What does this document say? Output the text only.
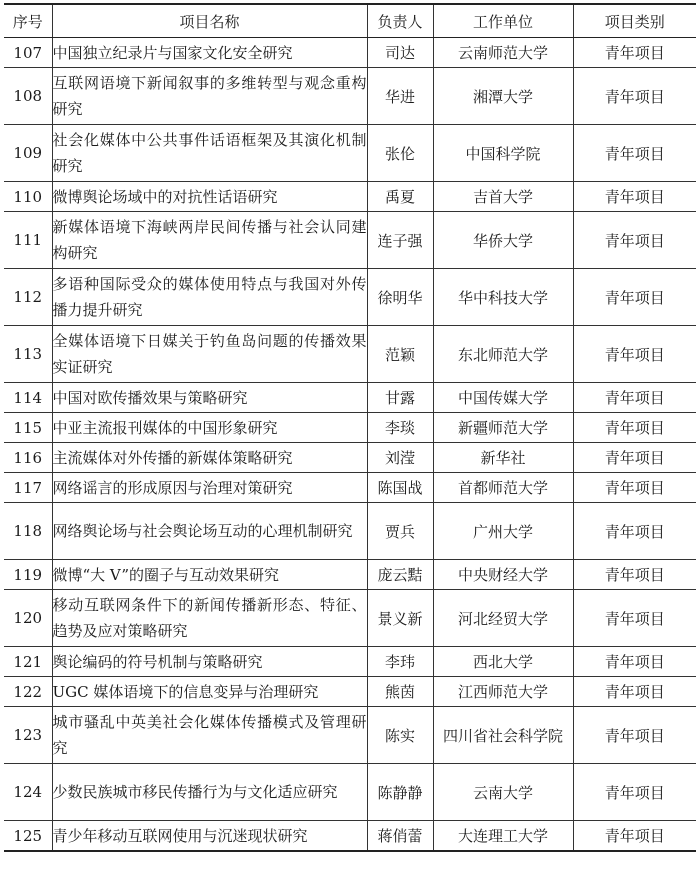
序号	项目名称	负责人	工作单位	项目类别
107	中国独立纪录片与国家文化安全研究	司达	云南师范大学	青年项目
108	互联网语境下新闻叙事的多维转型与观念重构研究	华进	湘潭大学	青年项目
109	社会化媒体中公共事件话语框架及其演化机制研究	张伦	中国科学院	青年项目
110	微博舆论场域中的对抗性话语研究	禹夏	吉首大学	青年项目
111	新媒体语境下海峡两岸民间传播与社会认同建构研究	连子强	华侨大学	青年项目
112	多语种国际受众的媒体使用特点与我国对外传播力提升研究	徐明华	华中科技大学	青年项目
113	全媒体语境下日媒关于钓鱼岛问题的传播效果实证研究	范颖	东北师范大学	青年项目
114	中国对欧传播效果与策略研究	甘露	中国传媒大学	青年项目
115	中亚主流报刊媒体的中国形象研究	李琰	新疆师范大学	青年项目
116	主流媒体对外传播的新媒体策略研究	刘滢	新华社	青年项目
117	网络谣言的形成原因与治理对策研究	陈国战	首都师范大学	青年项目
118	网络舆论场与社会舆论场互动的心理机制研究	贾兵	广州大学	青年项目
119	微博“大 V”的圈子与互动效果研究	庞云黠	中央财经大学	青年项目
120	移动互联网条件下的新闻传播新形态、特征、趋势及应对策略研究	景义新	河北经贸大学	青年项目
121	舆论编码的符号机制与策略研究	李玮	西北大学	青年项目
122	UGC 媒体语境下的信息变异与治理研究	熊茵	江西师范大学	青年项目
123	城市骚乱中英美社会化媒体传播模式及管理研究	陈实	四川省社会科学院	青年项目
124	少数民族城市移民传播行为与文化适应研究	陈静静	云南大学	青年项目
125	青少年移动互联网使用与沉迷现状研究	蒋俏蕾	大连理工大学	青年项目
